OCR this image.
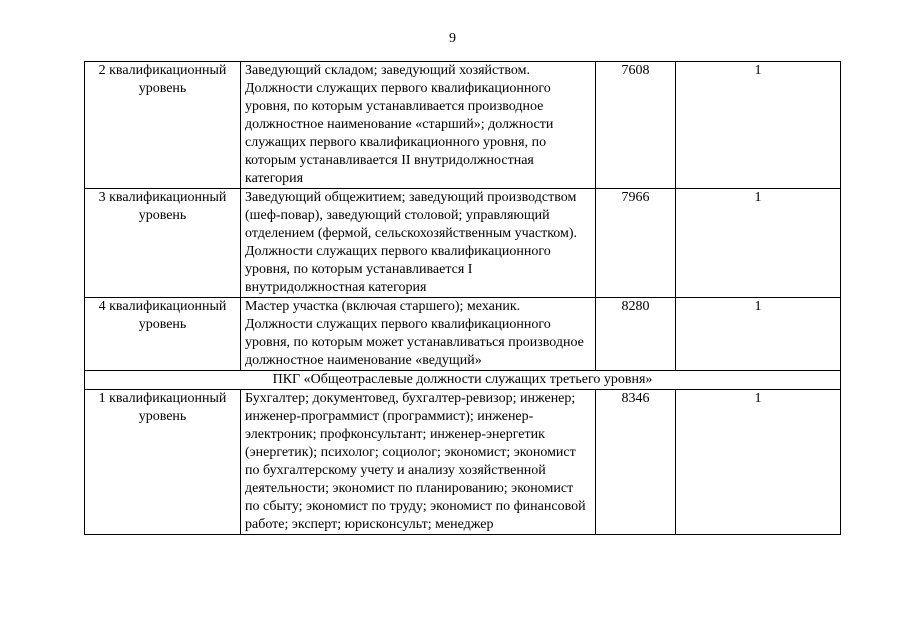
9
2 квалификационный уровень	Заведующий складом; заведующий хозяйством. Должности служащих первого квалификационного уровня, по которым устанавливается производное должностное наименование «старший»; должности служащих первого квалификационного уровня, по которым устанавливается II внутридолжностная категория	7608	1
3 квалификационный уровень	Заведующий общежитием; заведующий производством (шеф-повар), заведующий столовой; управляющий отделением (фермой, сельскохозяйственным участком). Должности служащих первого квалификационного уровня, по которым устанавливается I внутридолжностная категория	7966	1
4 квалификационный уровень	Мастер участка (включая старшего); механик. Должности служащих первого квалификационного уровня, по которым может устанавливаться производное должностное наименование «ведущий»	8280	1
ПКГ «Общеотраслевые должности служащих третьего уровня»			
1 квалификационный уровень	Бухгалтер; документовед, бухгалтер-ревизор; инженер; инженер-программист (программист); инженер-электроник; профконсультант; инженер-энергетик (энергетик); психолог; социолог; экономист; экономист по бухгалтерскому учету и анализу хозяйственной деятельности; экономист по планированию; экономист по сбыту; экономист по труду; экономист по финансовой работе; эксперт; юрисконсульт; менеджер	8346	1
